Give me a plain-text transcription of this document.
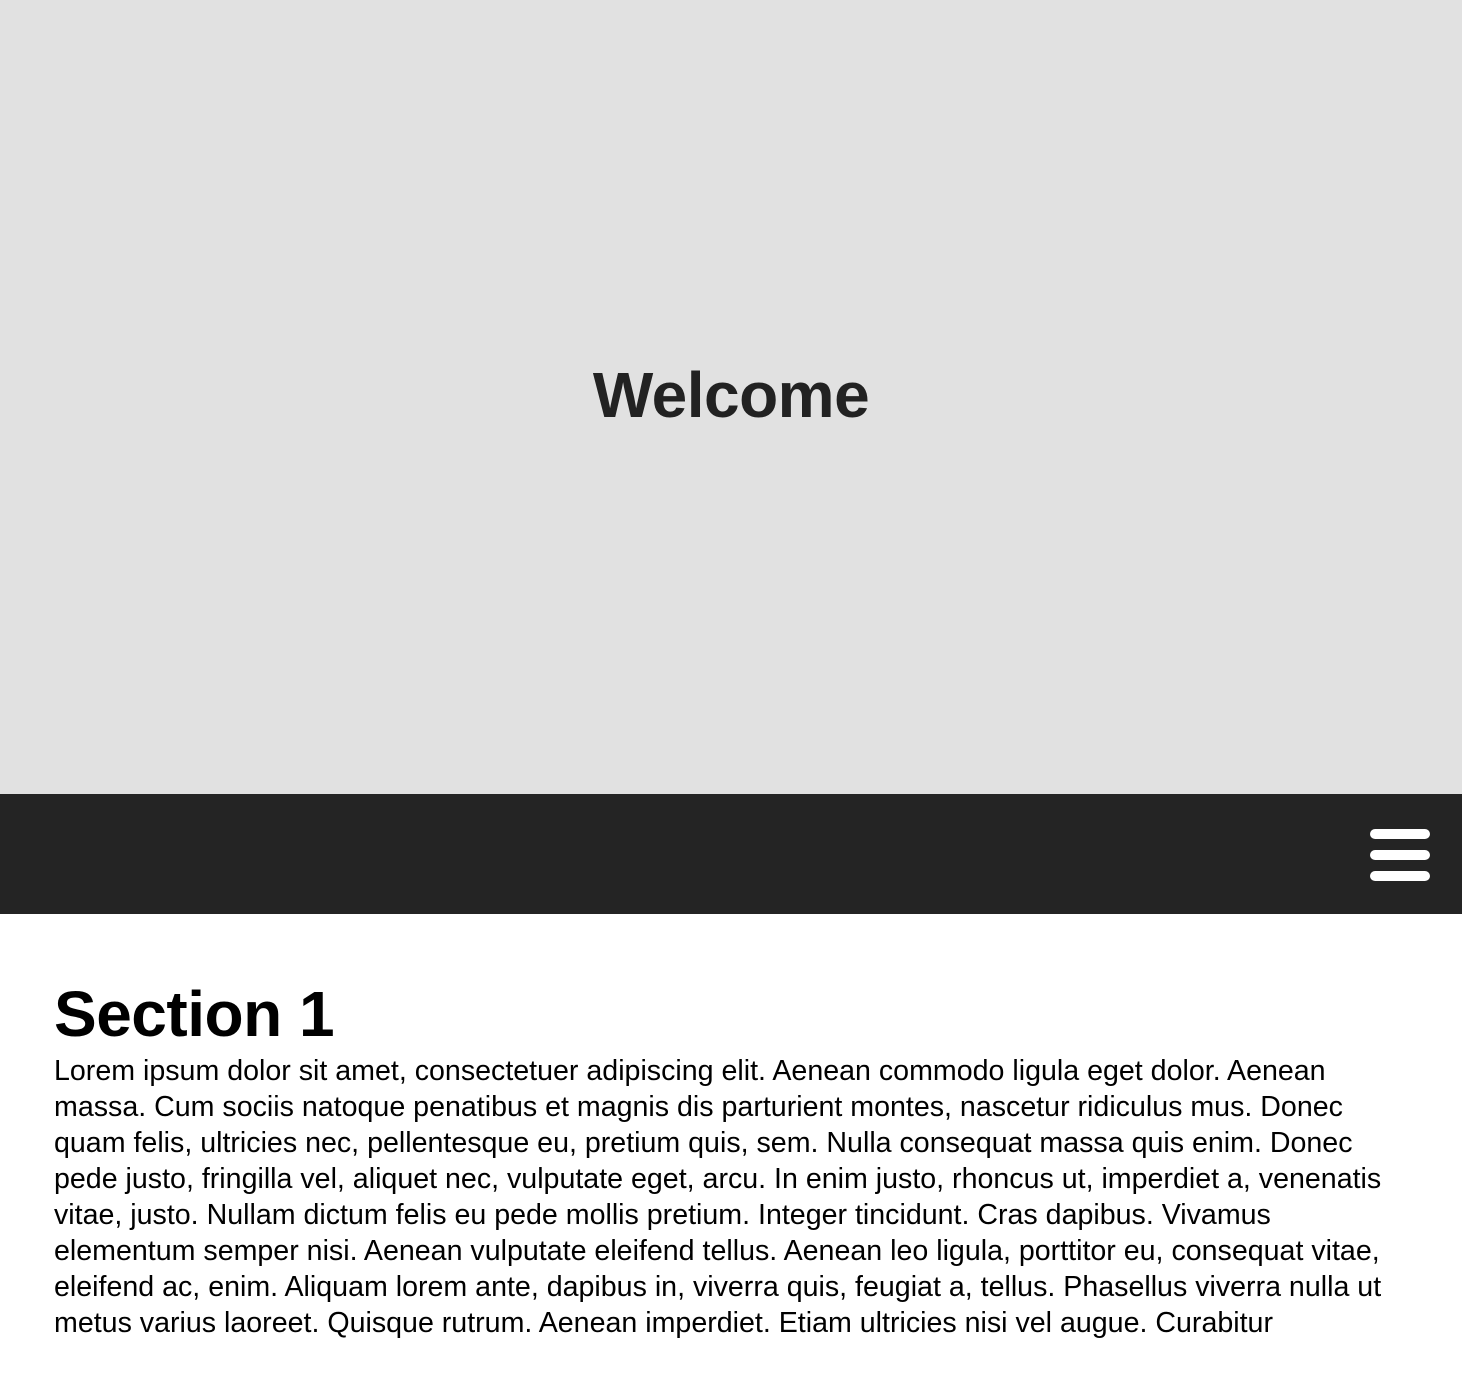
Welcome
Section 1

Lorem ipsum dolor sit amet, consectetuer adipiscing elit. Aenean commodo ligula eget dolor. Aenean massa. Cum sociis natoque penatibus et magnis dis parturient montes, nascetur ridiculus mus. Donec quam felis, ultricies nec, pellentesque eu, pretium quis, sem. Nulla consequat massa quis enim. Donec pede justo, fringilla vel, aliquet nec, vulputate eget, arcu. In enim justo, rhoncus ut, imperdiet a, venenatis vitae, justo. Nullam dictum felis eu pede mollis pretium. Integer tincidunt. Cras dapibus. Vivamus elementum semper nisi. Aenean vulputate eleifend tellus. Aenean leo ligula, porttitor eu, consequat vitae, eleifend ac, enim. Aliquam lorem ante, dapibus in, viverra quis, feugiat a, tellus. Phasellus viverra nulla ut metus varius laoreet. Quisque rutrum. Aenean imperdiet. Etiam ultricies nisi vel augue. Curabitur
